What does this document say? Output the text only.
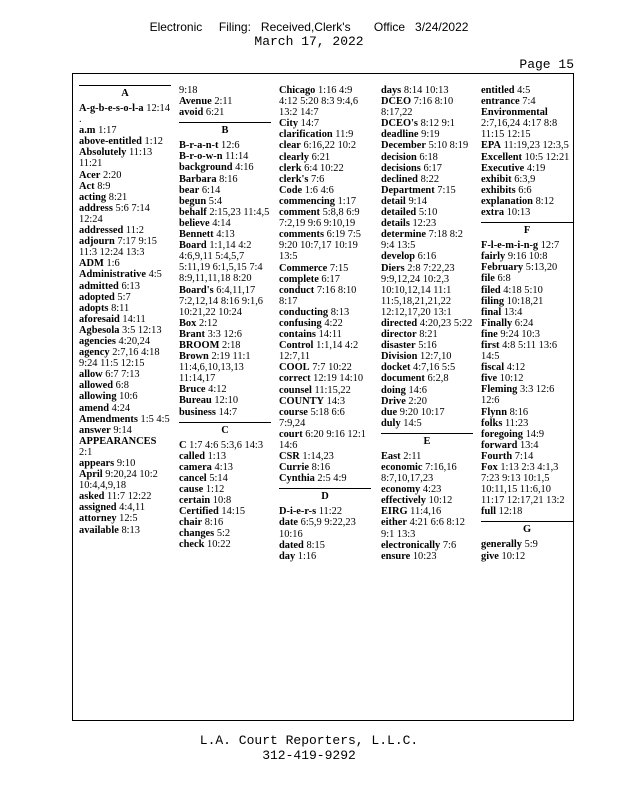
Electronic     Filing:   Received,Clerk's       Office   3/24/2022
March 17, 2022
Page 15
A
A-g-b-e-s-o-l-a 12:14 .
a.m 1:17
above-entitled 1:12
Absolutely 11:13 11:21
Acer 2:20
Act 8:9
acting 8:21
address 5:6 7:14 12:24
addressed 11:2
adjourn 7:17 9:15 11:3 12:24 13:3
ADM 1:6
Administrative 4:5
admitted 6:13
adopted 5:7
adopts 8:11
aforesaid 14:11
Agbesola 3:5 12:13
agencies 4:20,24
agency 2:7,16 4:18 9:24 11:5 12:15
allow 6:7 7:13
allowed 6:8
allowing 10:6
amend 4:24
Amendments 1:5 4:5
answer 9:14
APPEARANCES 2:1
appears 9:10
April 9:20,24 10:2 10:4,4,9,18
asked 11:7 12:22
assigned 4:4,11
attorney 12:5
available 8:13
9:18
Avenue 2:11
avoid 6:21
B
B-r-a-n-t 12:6
B-r-o-w-n 11:14
background 4:16
Barbara 8:16
bear 6:14
begun 5:4
behalf 2:15,23 11:4,5
believe 4:14
Bennett 4:13
Board 1:1,14 4:2 4:6,9,11 5:4,5,7 5:11,19 6:1,5,15 7:4 8:9,11,11,18 8:20
Board's 6:4,11,17 7:2,12,14 8:16 9:1,6 10:21,22 10:24
Box 2:12
Brant 3:3 12:6
BROOM 2:18
Brown 2:19 11:1 11:4,6,10,13,13 11:14,17
Bruce 4:12
Bureau 12:10
business 14:7
C
C 1:7 4:6 5:3,6 14:3
called 1:13
camera 4:13
cancel 5:14
cause 1:12
certain 10:8
Certified 14:15
chair 8:16
changes 5:2
check 10:22
Chicago 1:16 4:9 4:12 5:20 8:3 9:4,6 13:2 14:7
City 14:7
clarification 11:9
clear 6:16,22 10:2
clearly 6:21
clerk 6:4 10:22
clerk's 7:6
Code 1:6 4:6
commencing 1:17
comment 5:8,8 6:9 7:2,19 9:6 9:10,19
comments 6:19 7:5 9:20 10:7,17 10:19 13:5
Commerce 7:15
complete 6:17
conduct 7:16 8:10 8:17
conducting 8:13
confusing 4:22
contains 14:11
Control 1:1,14 4:2 12:7,11
COOL 7:7 10:22
correct 12:19 14:10
counsel 11:15,22
COUNTY 14:3
course 5:18 6:6 7:9,24
court 6:20 9:16 12:1 14:6
CSR 1:14,23
Currie 8:16
Cynthia 2:5 4:9
D
D-i-e-r-s 11:22
date 6:5,9 9:22,23 10:16
dated 8:15
day 1:16
days 8:14 10:13
DCEO 7:16 8:10 8:17,22
DCEO's 8:12 9:1
deadline 9:19
December 5:10 8:19
decision 6:18
decisions 6:17
declined 8:22
Department 7:15
detail 9:14
detailed 5:10
details 12:23
determine 7:18 8:2 9:4 13:5
develop 6:16
Diers 2:8 7:22,23 9:9,12,24 10:2,3 10:10,12,14 11:1 11:5,18,21,21,22 12:12,17,20 13:1
directed 4:20,23 5:22
director 8:21
disaster 5:16
Division 12:7,10
docket 4:7,16 5:5
document 6:2,8
doing 14:6
Drive 2:20
due 9:20 10:17
duly 14:5
E
East 2:11
economic 7:16,16 8:7,10,17,23
economy 4:23
effectively 10:12
EIRG 11:4,16
either 4:21 6:6 8:12 9:1 13:3
electronically 7:6
ensure 10:23
entitled 4:5
entrance 7:4
Environmental 2:7,16,24 4:17 8:8 11:15 12:15
EPA 11:19,23 12:3,5
Excellent 10:5 12:21
Executive 4:19
exhibit 6:3,9
exhibits 6:6
explanation 8:12
extra 10:13
F
F-l-e-m-i-n-g 12:7
fairly 9:16 10:8
February 5:13,20
file 6:8
filed 4:18 5:10
filing 10:18,21
final 13:4
Finally 6:24
fine 9:24 10:3
first 4:8 5:11 13:6 14:5
fiscal 4:12
five 10:12
Fleming 3:3 12:6 12:6
Flynn 8:16
folks 11:23
foregoing 14:9
forward 13:4
Fourth 7:14
Fox 1:13 2:3 4:1,3 7:23 9:13 10:1,5 10:11,15 11:6,10 11:17 12:17,21 13:2
full 12:18
G
generally 5:9
give 10:12
L.A. Court Reporters, L.L.C.
312-419-9292
